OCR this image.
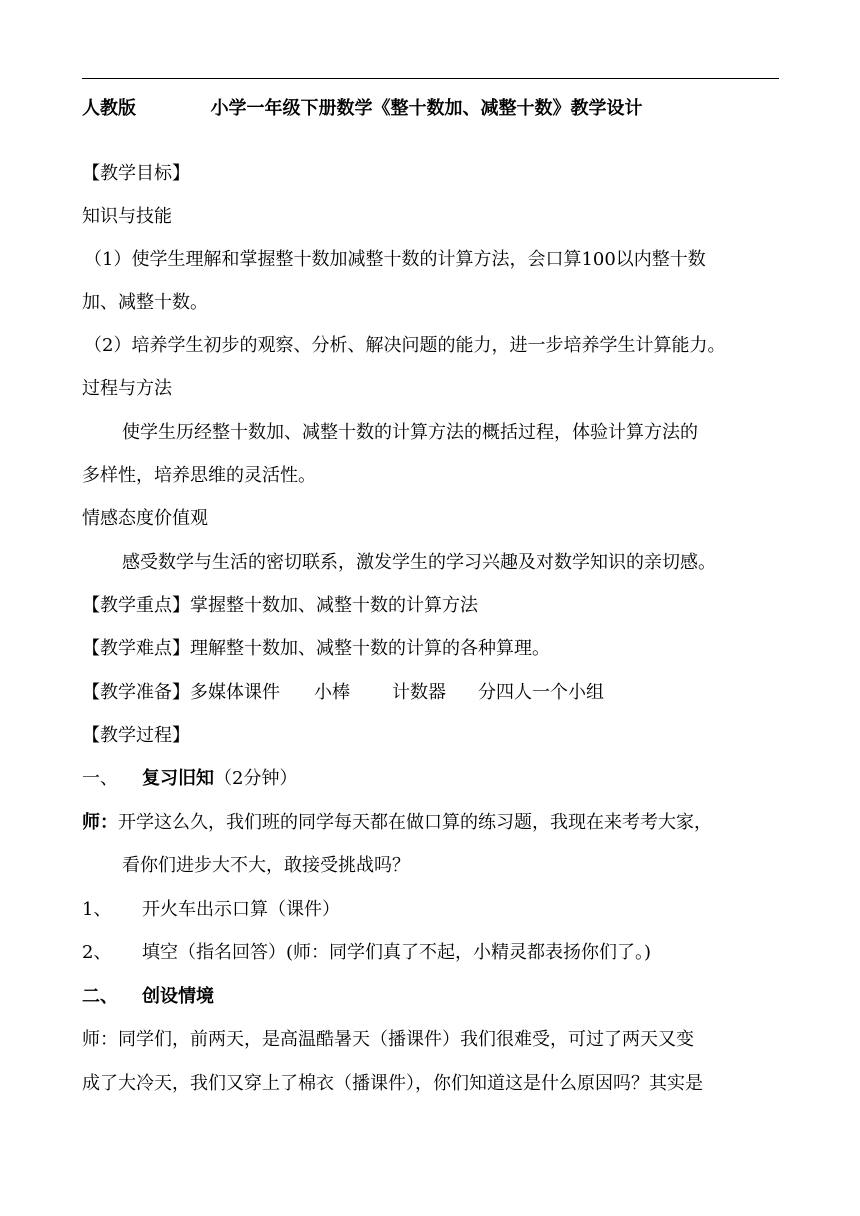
人教版	小学一年级下册数学《整十数加、减整十数》教学设计
【教学目标】
知识与技能
（1）使学生理解和掌握整十数加减整十数的计算方法，会口算100以内整十数
加、减整十数。
（2）培养学生初步的观察、分析、解决问题的能力，进一步培养学生计算能力。
过程与方法
使学生历经整十数加、减整十数的计算方法的概括过程，体验计算方法的
多样性，培养思维的灵活性。
情感态度价值观
感受数学与生活的密切联系，激发学生的学习兴趣及对数学知识的亲切感。
【教学重点】掌握整十数加、减整十数的计算方法
【教学难点】理解整十数加、减整十数的计算的各种算理。
【教学准备】多媒体课件 小棒 计数器 分四人一个小组
【教学过程】
一、 复习旧知（2分钟）
师：开学这么久，我们班的同学每天都在做口算的练习题，我现在来考考大家，
看你们进步大不大，敢接受挑战吗？
1、 开火车出示口算（课件）
2、 填空（指名回答）(师：同学们真了不起，小精灵都表扬你们了。)
二、 创设情境
师：同学们，前两天，是高温酷暑天（播课件）我们很难受，可过了两天又变
成了大冷天，我们又穿上了棉衣（播课件），你们知道这是什么原因吗？其实是
